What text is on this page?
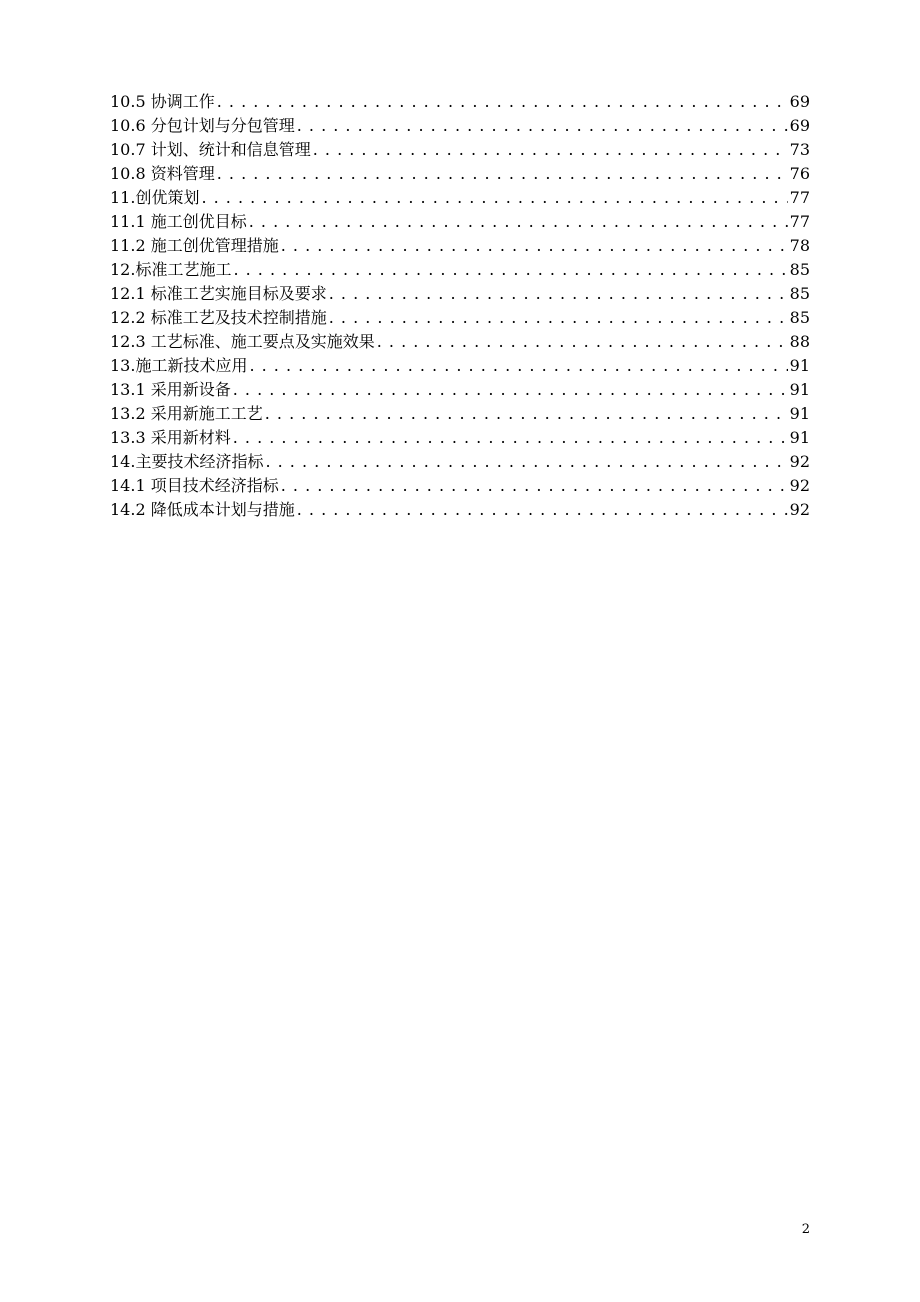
10.5 协调工作 . . .	69
10.6 分包计划与分包管理 . . .	69
10.7 计划、统计和信息管理 . . .	73
10.8 资料管理 . . .	76
11.创优策划 . . .	77
11.1 施工创优目标 . . .	77
11.2 施工创优管理措施 . . .	78
12.标准工艺施工 . . .	85
12.1 标准工艺实施目标及要求 . . .	85
12.2 标准工艺及技术控制措施 . . .	85
12.3 工艺标准、施工要点及实施效果 . . .	88
13.施工新技术应用 . . .	91
13.1 采用新设备 . . .	91
13.2 采用新施工工艺 . . .	91
13.3 采用新材料 . . .	91
14.主要技术经济指标 . . .	92
14.1 项目技术经济指标 . . .	92
14.2 降低成本计划与措施 . . .	92
2
